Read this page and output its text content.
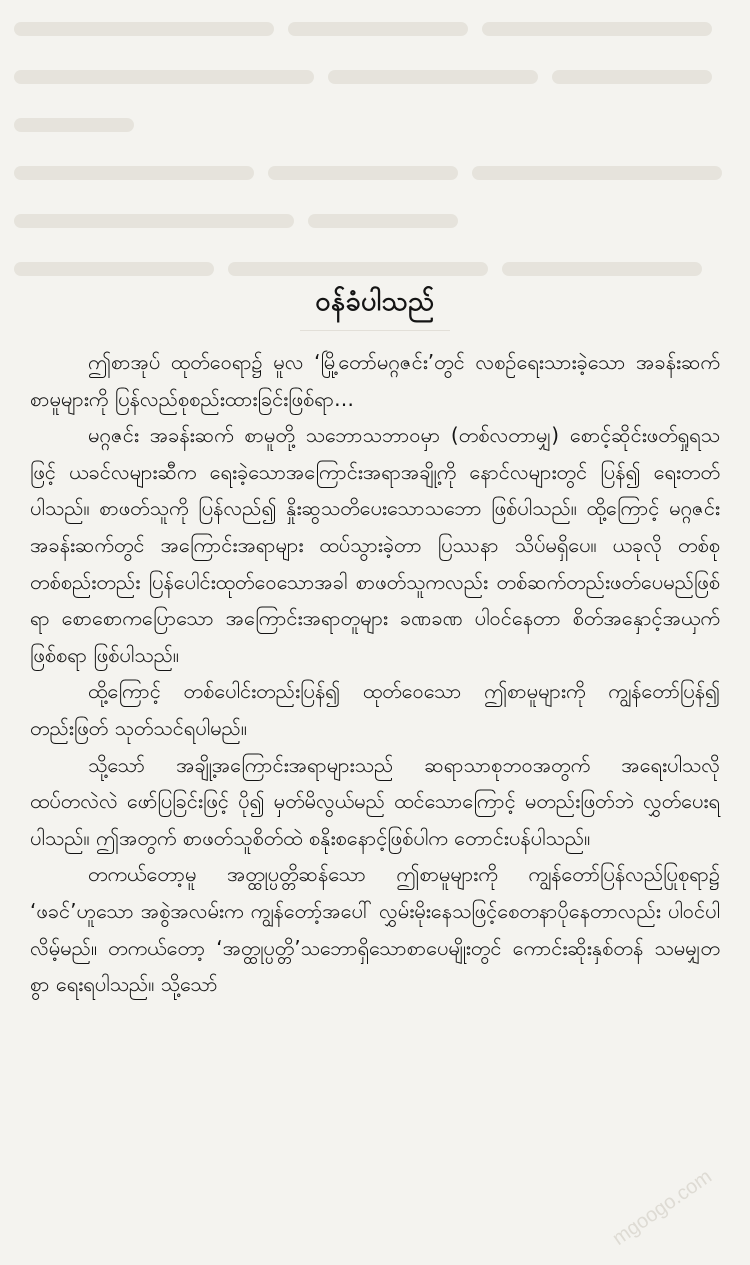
ဝန်ခံပါသည်

ဤစာအုပ် ထုတ်ဝေရာ၌ မူလ ‘မြို့တော်မဂ္ဂဇင်း’တွင် လစဉ်ရေးသားခဲ့သော အခန်းဆက်စာမူများကို ပြန်လည်စုစည်းထားခြင်းဖြစ်ရာ…

မဂ္ဂဇင်း အခန်းဆက် စာမူတို့ သဘောသဘာဝမှာ (တစ်လတာမျှ) စောင့်ဆိုင်းဖတ်ရှုရသဖြင့် ယခင်လများဆီက ရေးခဲ့သောအကြောင်းအရာအချို့ကို နောင်လများတွင် ပြန်၍ ရေးတတ်ပါသည်။ စာဖတ်သူကို ပြန်လည်၍ နှိုးဆွသတိပေးသောသဘော ဖြစ်ပါသည်။ ထို့ကြောင့် မဂ္ဂဇင်း အခန်းဆက်တွင် အကြောင်းအရာများ ထပ်သွားခဲ့တာ ပြဿနာ သိပ်မရှိပေ။ ယခုလို တစ်စုတစ်စည်းတည်း ပြန်ပေါင်းထုတ်ဝေသောအခါ စာဖတ်သူကလည်း တစ်ဆက်တည်းဖတ်ပေမည်ဖြစ်ရာ စောစောကပြောသော အကြောင်းအရာတူများ ခဏခဏ ပါဝင်နေတာ စိတ်အနှောင့်အယှက် ဖြစ်စရာ ဖြစ်ပါသည်။

ထို့ကြောင့် တစ်ပေါင်းတည်းပြန်၍ ထုတ်ဝေသော ဤစာမူများကို ကျွန်တော်ပြန်၍ တည်းဖြတ် သုတ်သင်ရပါမည်။

သို့သော် အချို့အကြောင်းအရာများသည် ဆရာသာစုဘဝအတွက် အရေးပါသလို ထပ်တလဲလဲ ဖော်ပြခြင်းဖြင့် ပို၍ မှတ်မိလွယ်မည် ထင်သောကြောင့် မတည်းဖြတ်ဘဲ လွှတ်ပေးရပါသည်။ ဤအတွက် စာဖတ်သူစိတ်ထဲ စနိုးစနောင့်ဖြစ်ပါက တောင်းပန်ပါသည်။

တကယ်တော့မူ အတ္ထုပ္ပတ္တိဆန်သော ဤစာမူများကို ကျွန်တော်ပြန်လည်ပြုစုရာ၌ ‘ဖခင်’ဟူသော အစွဲအလမ်းက ကျွန်တော့်အပေါ် လွှမ်းမိုးနေသဖြင့်စေတနာပိုနေတာလည်း ပါဝင်ပါလိမ့်မည်။ တကယ်တော့ ‘အတ္ထုပ္ပတ္တိ’သဘောရှိသောစာပေမျိုးတွင် ကောင်းဆိုးနှစ်တန် သမမျှတစွာ ရေးရပါသည်။ သို့သော်

mgoogo.com
